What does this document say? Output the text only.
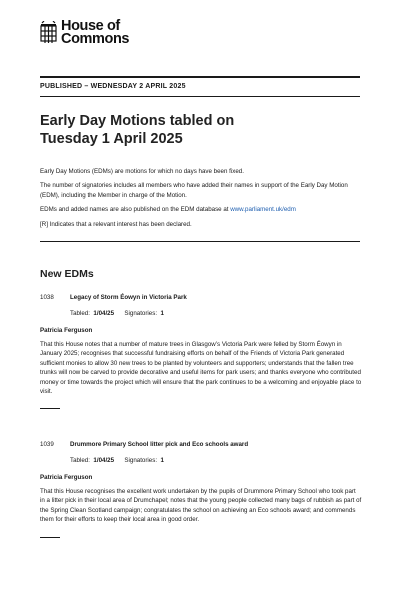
House of
Commons
PUBLISHED – WEDNESDAY 2 APRIL 2025
Early Day Motions tabled on
Tuesday 1 April 2025

Early Day Motions (EDMs) are motions for which no days have been fixed.

The number of signatories includes all members who have added their names in support of the Early Day Motion (EDM), including the Member in charge of the Motion.

EDMs and added names are also published on the EDM database at www.parliament.uk/edm

[R] Indicates that a relevant interest has been declared.

New EDMs
1038	Legacy of Storm Éowyn in Victoria Park
Tabled: 1/04/25 Signatories: 1
Patricia Ferguson
That this House notes that a number of mature trees in Glasgow’s Victoria Park were felled by Storm Éowyn in January 2025; recognises that successful fundraising efforts on behalf of the Friends of Victoria Park generated sufficient monies to allow 30 new trees to be planted by volunteers and supporters; understands that the fallen tree trunks will now be carved to provide decorative and useful items for park users; and thanks everyone who contributed money or time towards the project which will ensure that the park continues to be a welcoming and enjoyable place to visit.
1039	Drummore Primary School litter pick and Eco schools award
Tabled: 1/04/25 Signatories: 1
Patricia Ferguson
That this House recognises the excellent work undertaken by the pupils of Drummore Primary School who took part in a litter pick in their local area of Drumchapel; notes that the young people collected many bags of rubbish as part of the Spring Clean Scotland campaign; congratulates the school on achieving an Eco schools award; and commends them for their efforts to keep their local area in good order.
